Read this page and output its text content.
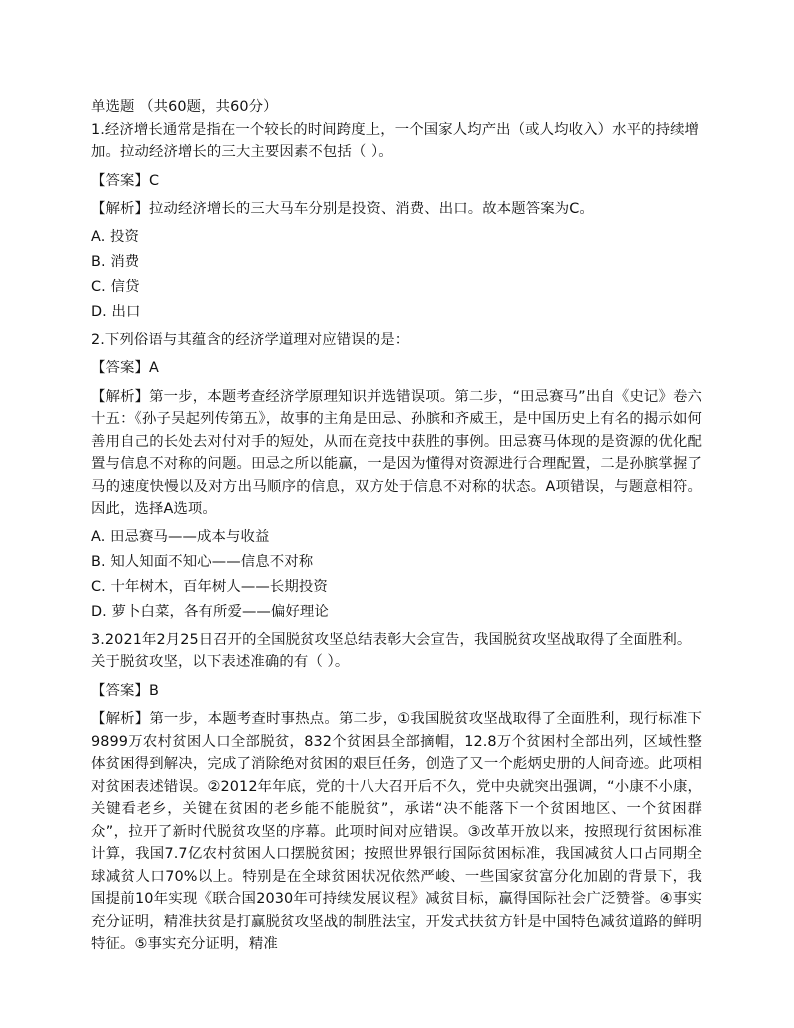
单选题 （共60题，共60分）
1.经济增长通常是指在一个较长的时间跨度上，一个国家人均产出（或人均收入）水平的持续增加。拉动经济增长的三大主要因素不包括（ ）。
【答案】C
【解析】拉动经济增长的三大马车分别是投资、消费、出口。故本题答案为C。
A. 投资
B. 消费
C. 信贷
D. 出口
2.下列俗语与其蕴含的经济学道理对应错误的是：
【答案】A
【解析】第一步，本题考查经济学原理知识并选错误项。第二步，“田忌赛马”出自《史记》卷六十五：《孙子吴起列传第五》，故事的主角是田忌、孙膑和齐威王，是中国历史上有名的揭示如何善用自己的长处去对付对手的短处，从而在竞技中获胜的事例。田忌赛马体现的是资源的优化配置与信息不对称的问题。田忌之所以能赢，一是因为懂得对资源进行合理配置，二是孙膑掌握了马的速度快慢以及对方出马顺序的信息，双方处于信息不对称的状态。A项错误，与题意相符。因此，选择A选项。
A. 田忌赛马——成本与收益
B. 知人知面不知心——信息不对称
C. 十年树木，百年树人——长期投资
D. 萝卜白菜，各有所爱——偏好理论
3.2021年2月25日召开的全国脱贫攻坚总结表彰大会宣告，我国脱贫攻坚战取得了全面胜利。关于脱贫攻坚，以下表述准确的有（ ）。
【答案】B
【解析】第一步，本题考查时事热点。第二步，①我国脱贫攻坚战取得了全面胜利，现行标准下9899万农村贫困人口全部脱贫，832个贫困县全部摘帽，12.8万个贫困村全部出列，区域性整体贫困得到解决，完成了消除绝对贫困的艰巨任务，创造了又一个彪炳史册的人间奇迹。此项相对贫困表述错误。②2012年年底，党的十八大召开后不久，党中央就突出强调，“小康不小康，关键看老乡，关键在贫困的老乡能不能脱贫”，承诺“决不能落下一个贫困地区、一个贫困群众”，拉开了新时代脱贫攻坚的序幕。此项时间对应错误。③改革开放以来，按照现行贫困标准计算，我国7.7亿农村贫困人口摆脱贫困；按照世界银行国际贫困标准，我国减贫人口占同期全球减贫人口70%以上。特别是在全球贫困状况依然严峻、一些国家贫富分化加剧的背景下，我国提前10年实现《联合国2030年可持续发展议程》减贫目标，赢得国际社会广泛赞誉。④事实充分证明，精准扶贫是打赢脱贫攻坚战的制胜法宝，开发式扶贫方针是中国特色减贫道路的鲜明特征。⑤事实充分证明，精准
